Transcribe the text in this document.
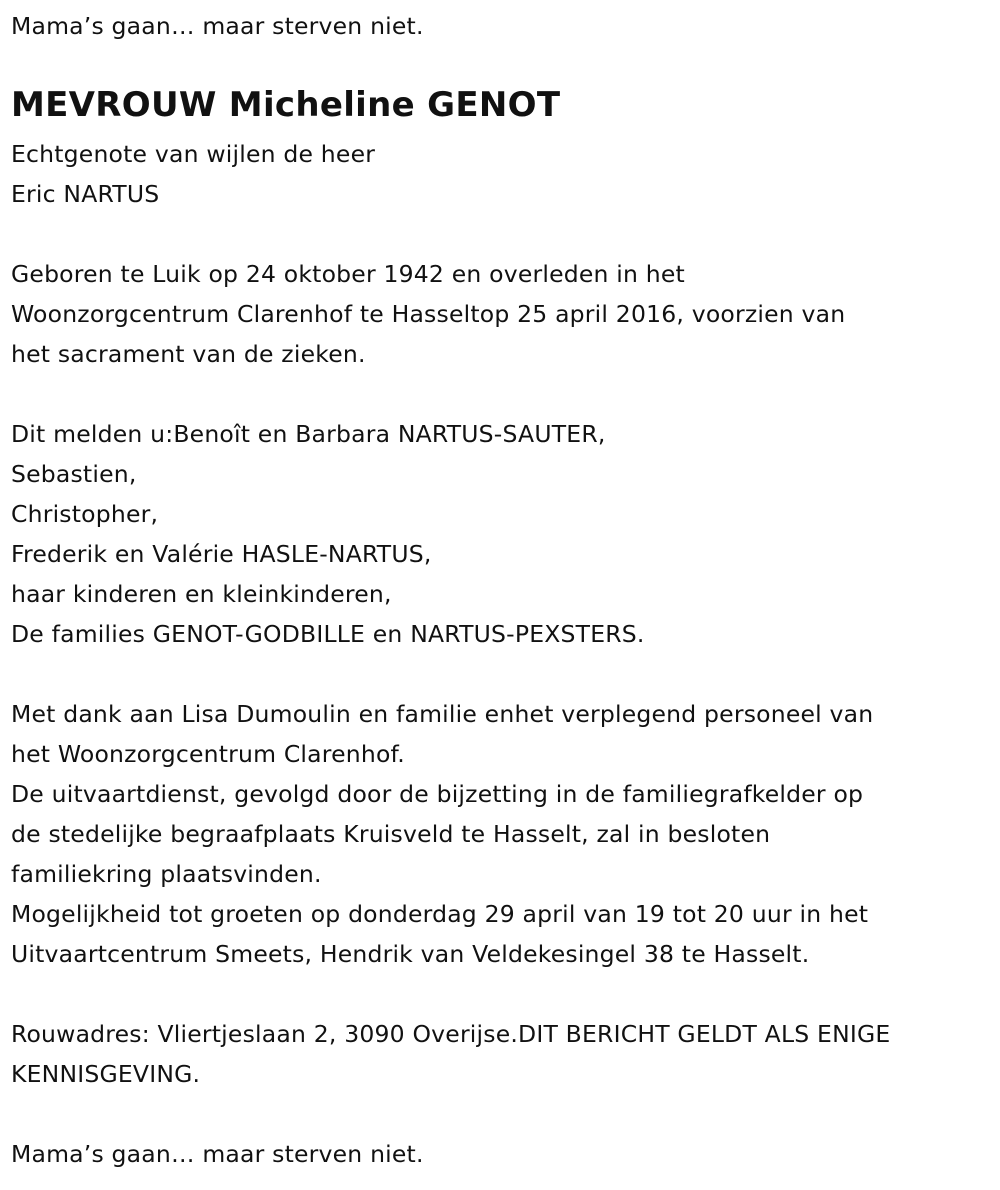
Mama’s gaan… maar sterven niet.
MEVROUW Micheline GENOT
Echtgenote van wijlen de heer
Eric NARTUS
Geboren te Luik op 24 oktober 1942 en overleden in het
Woonzorgcentrum Clarenhof te Hasseltop 25 april 2016, voorzien van
het sacrament van de zieken.
Dit melden u:Benoît en Barbara NARTUS-SAUTER,
Sebastien,
Christopher,
Frederik en Valérie HASLE-NARTUS,
haar kinderen en kleinkinderen,
De families GENOT-GODBILLE en NARTUS-PEXSTERS.
Met dank aan Lisa Dumoulin en familie enhet verplegend personeel van
het Woonzorgcentrum Clarenhof.
De uitvaartdienst, gevolgd door de bijzetting in de familiegrafkelder op
de stedelijke begraafplaats Kruisveld te Hasselt, zal in besloten
familiekring plaatsvinden.
Mogelijkheid tot groeten op donderdag 29 april van 19 tot 20 uur in het
Uitvaartcentrum Smeets, Hendrik van Veldekesingel 38 te Hasselt.
Rouwadres: Vliertjeslaan 2, 3090 Overijse.DIT BERICHT GELDT ALS ENIGE
KENNISGEVING.
Mama’s gaan… maar sterven niet.
